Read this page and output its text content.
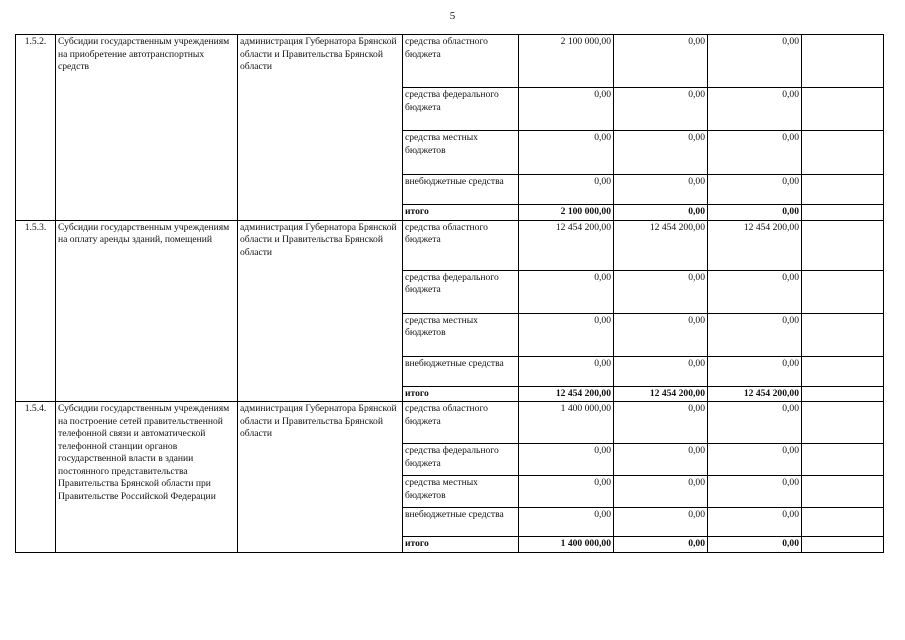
5
1.5.2.	Субсидии государственным учреждениям на приобретение автотранспортных средств	администрация Губернатора Брянской области и Правительства Брянской области	средства областного бюджета	2 100 000,00	0,00	0,00	
			средства федерального бюджета	0,00	0,00	0,00	
			средства местных бюджетов	0,00	0,00	0,00	
			внебюджетные средства	0,00	0,00	0,00	
			итого	2 100 000,00	0,00	0,00	
1.5.3.	Субсидии государственным учреждениям на оплату аренды зданий, помещений	администрация Губернатора Брянской области и Правительства Брянской области	средства областного бюджета	12 454 200,00	12 454 200,00	12 454 200,00	
			средства федерального бюджета	0,00	0,00	0,00	
			средства местных бюджетов	0,00	0,00	0,00	
			внебюджетные средства	0,00	0,00	0,00	
			итого	12 454 200,00	12 454 200,00	12 454 200,00	
1.5.4.	Субсидии государственным учреждениям на построение сетей правительственной телефонной связи и автоматической телефонной станции органов государственной власти в здании постоянного представительства Правительства Брянской области при Правительстве Российской Федерации	администрация Губернатора Брянской области и Правительства Брянской области	средства областного бюджета	1 400 000,00	0,00	0,00	
			средства федерального бюджета	0,00	0,00	0,00	
			средства местных бюджетов	0,00	0,00	0,00	
			внебюджетные средства	0,00	0,00	0,00	
			итого	1 400 000,00	0,00	0,00	
